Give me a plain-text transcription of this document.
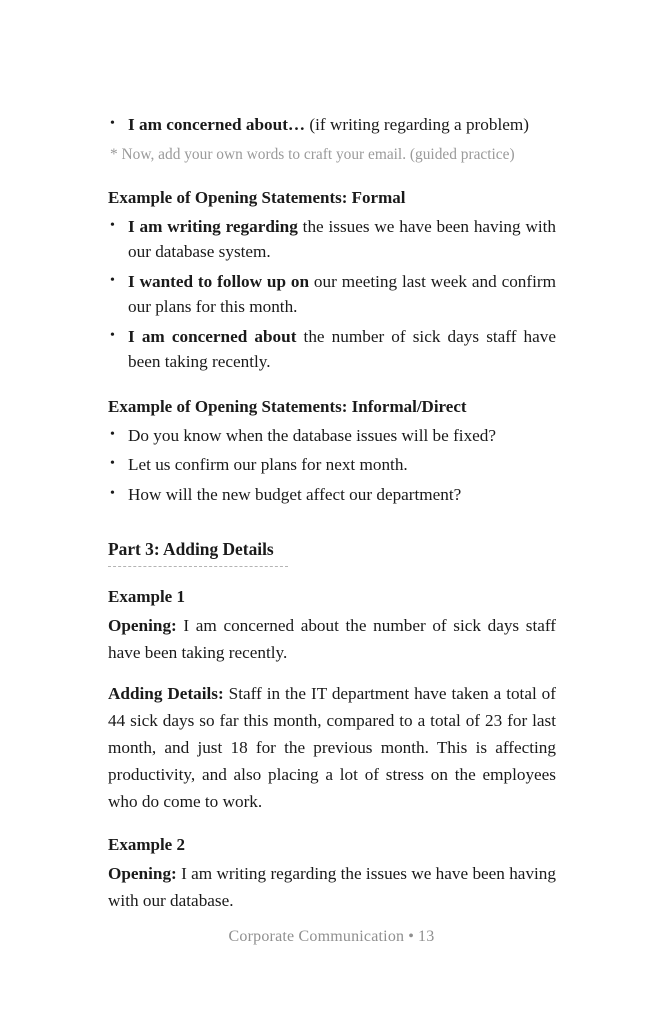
• I am concerned about… (if writing regarding a problem)
* Now, add your own words to craft your email. (guided practice)
Example of Opening Statements: Formal
• I am writing regarding the issues we have been having with our database system.
• I wanted to follow up on our meeting last week and confirm our plans for this month.
• I am concerned about the number of sick days staff have been taking recently.
Example of Opening Statements: Informal/Direct
• Do you know when the database issues will be fixed?
• Let us confirm our plans for next month.
• How will the new budget affect our department?
Part 3: Adding Details
Example 1

Opening: I am concerned about the number of sick days staff have been taking recently.

Adding Details: Staff in the IT department have taken a total of 44 sick days so far this month, compared to a total of 23 for last month, and just 18 for the previous month. This is affecting productivity, and also placing a lot of stress on the employees who do come to work.

Example 2

Opening: I am writing regarding the issues we have been having with our database.

Corporate Communication • 13
